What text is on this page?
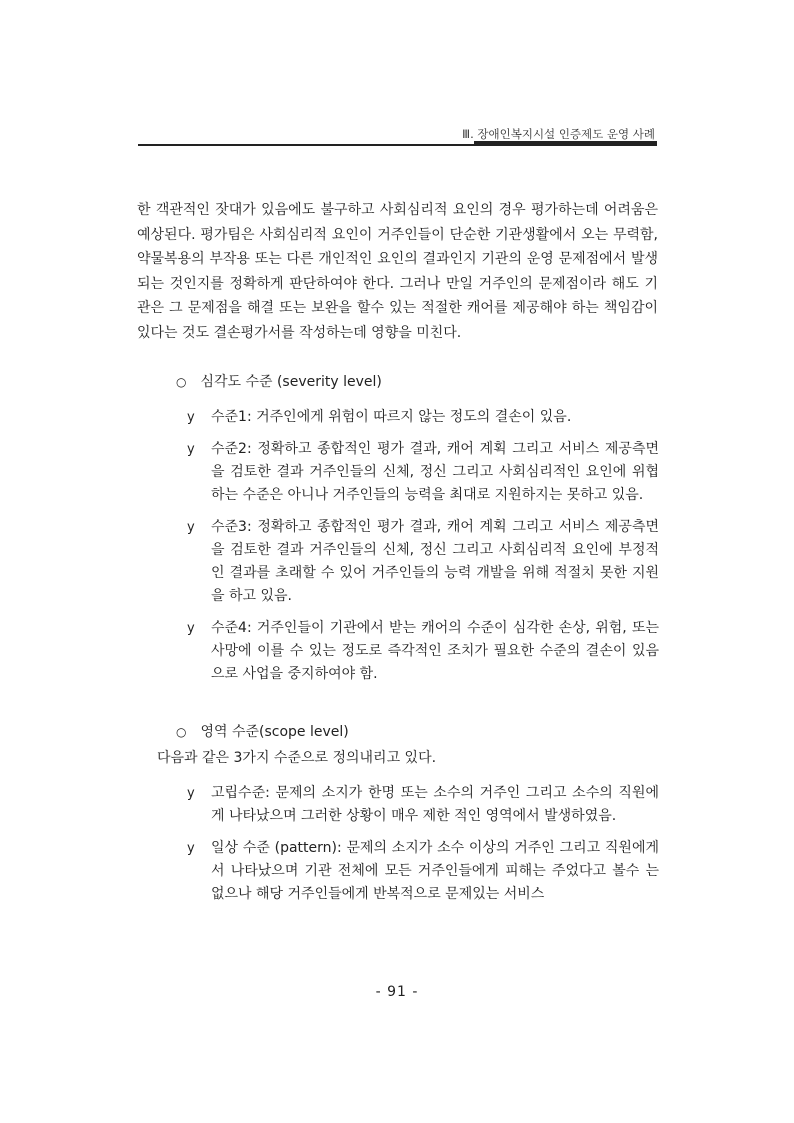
Ⅲ. 장애인복지시설 인증제도 운영 사례

한 객관적인 잣대가 있음에도 불구하고 사회심리적 요인의 경우 평가하는데 어려움은 예상된다. 평가팀은 사회심리적 요인이 거주인들이 단순한 기관생활에서 오는 무력함, 약물복용의 부작용 또는 다른 개인적인 요인의 결과인지 기관의 운영 문제점에서 발생되는 것인지를 정확하게 판단하여야 한다. 그러나 만일 거주인의 문제점이라 해도 기관은 그 문제점을 해결 또는 보완을 할수 있는 적절한 캐어를 제공해야 하는 책임감이 있다는 것도 결손평가서를 작성하는데 영향을 미친다.

○ 심각도 수준 (severity level)
y 수준1: 거주인에게 위험이 따르지 않는 정도의 결손이 있음.
y 수준2: 정확하고 종합적인 평가 결과, 캐어 계획 그리고 서비스 제공측면을 검토한 결과 거주인들의 신체, 정신 그리고 사회심리적인 요인에 위협하는 수준은 아니나 거주인들의 능력을 최대로 지원하지는 못하고 있음.
y 수준3: 정확하고 종합적인 평가 결과, 캐어 계획 그리고 서비스 제공측면을 검토한 결과 거주인들의 신체, 정신 그리고 사회심리적 요인에 부정적인 결과를 초래할 수 있어 거주인들의 능력 개발을 위해 적절치 못한 지원을 하고 있음.
y 수준4: 거주인들이 기관에서 받는 캐어의 수준이 심각한 손상, 위험, 또는 사망에 이를 수 있는 정도로 즉각적인 조치가 필요한 수준의 결손이 있음으로 사업을 중지하여야 함.
○ 영역 수준(scope level)
다음과 같은 3가지 수준으로 정의내리고 있다.
y 고립수준: 문제의 소지가 한명 또는 소수의 거주인 그리고 소수의 직원에게 나타났으며 그러한 상황이 매우 제한 적인 영역에서 발생하였음.
y 일상 수준 (pattern): 문제의 소지가 소수 이상의 거주인 그리고 직원에게서 나타났으며 기관 전체에 모든 거주인들에게 피해는 주었다고 볼수 는 없으나 해당 거주인들에게 반복적으로 문제있는 서비스
- 91 -
